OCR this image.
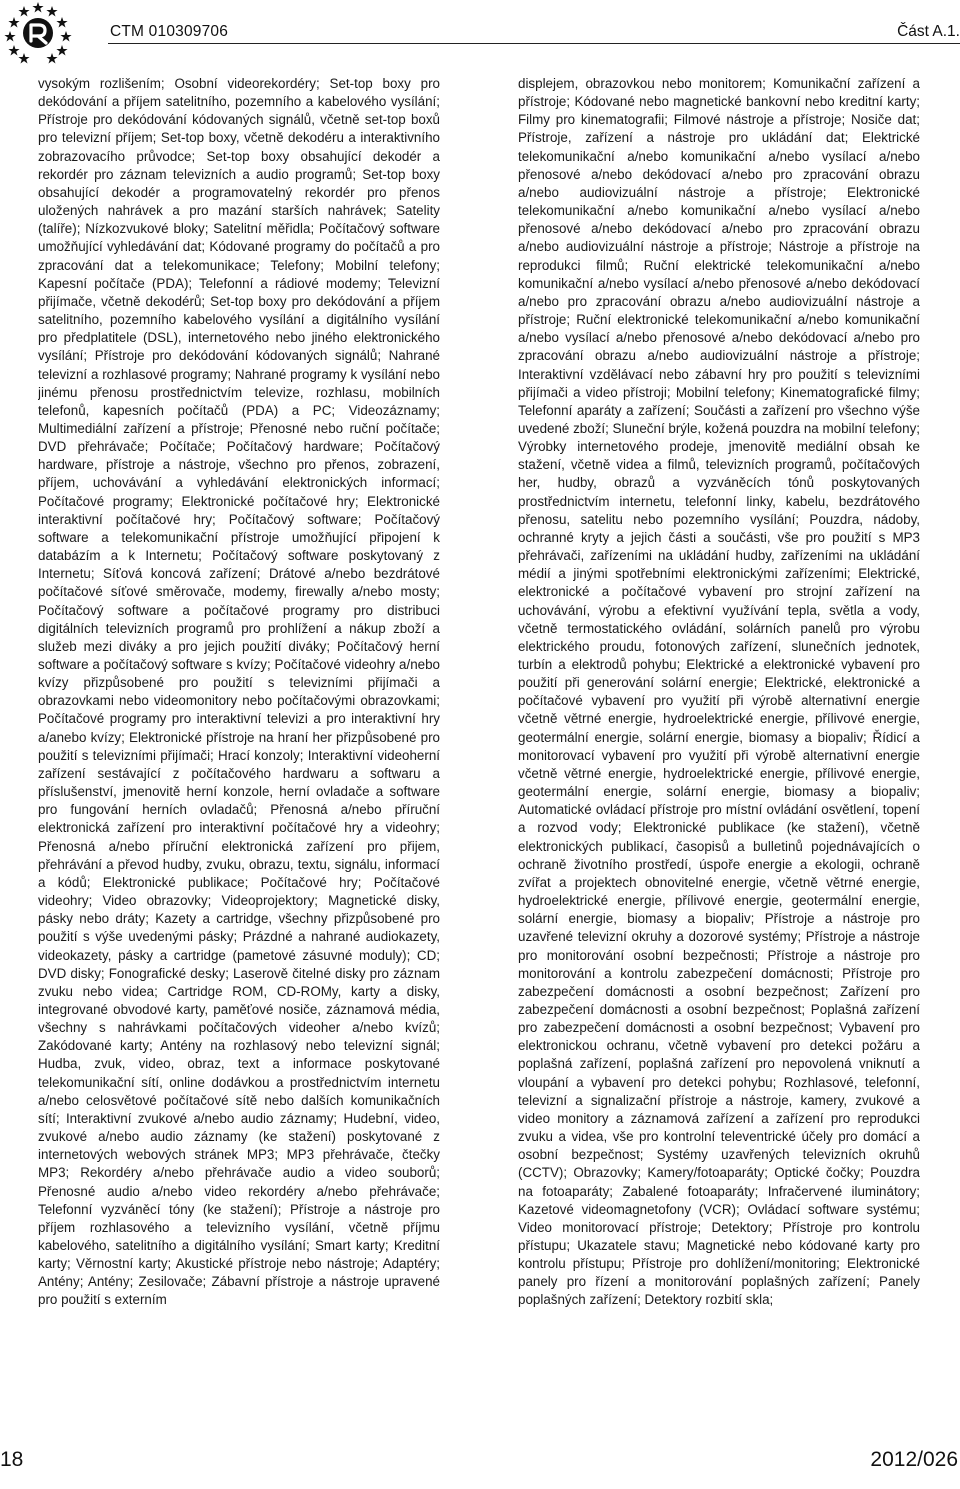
CTM 010309706	Část A.1.
vysokým rozlišením; Osobní videorekordéry; Set-top boxy pro dekódování a příjem satelitního, pozemního a kabelového vysílání; Přístroje pro dekódování kódovaných signálů, včetně set-top boxů pro televizní příjem; Set-top boxy, včetně dekodéru a interaktivního zobrazovacího průvodce; Set-top boxy obsahující dekodér a rekordér pro záznam televizních a audio programů; Set-top boxy obsahující dekodér a programovatelný rekordér pro přenos uložených nahrávek a pro mazání starších nahrávek; Satelity (talíře); Nízkozvukové bloky; Satelitní měřidla; Počítačový software umožňující vyhledávání dat; Kódované programy do počítačů a pro zpracování dat a telekomunikace; Telefony; Mobilní telefony; Kapesní počítače (PDA); Telefonní a rádiové modemy; Televizní přijímače, včetně dekodérů; Set-top boxy pro dekódování a příjem satelitního, pozemního kabelového vysílání a digitálního vysílání pro předplatitele (DSL), internetového nebo jiného elektronického vysílání; Přístroje pro dekódování kódovaných signálů; Nahrané televizní a rozhlasové programy; Nahrané programy k vysílání nebo jinému přenosu prostřednictvím televize, rozhlasu, mobilních telefonů, kapesních počítačů (PDA) a PC; Videozáznamy; Multimediální zařízení a přístroje; Přenosné nebo ruční počítače; DVD přehrávače; Počítače; Počítačový hardware; Počítačový hardware, přístroje a nástroje, všechno pro přenos, zobrazení, příjem, uchovávání a vyhledávání elektronických informací; Počítačové programy; Elektronické počítačové hry; Elektronické interaktivní počítačové hry; Počítačový software; Počítačový software a telekomunikační přístroje umožňující připojení k databázím a k Internetu; Počítačový software poskytovaný z Internetu; Síťová koncová zařízení; Drátové a/nebo bezdrátové počítačové síťové směrovače, modemy, firewally a/nebo mosty; Počítačový software a počítačové programy pro distribuci digitálních televizních programů pro prohlížení a nákup zboží a služeb mezi diváky a pro jejich použití diváky; Počítačový herní software a počítačový software s kvízy; Počítačové videohry a/nebo kvízy přizpůsobené pro použití s televizními přijímači a obrazovkami nebo videomonitory nebo počítačovými obrazovkami; Počítačové programy pro interaktivní televizi a pro interaktivní hry a/anebo kvízy; Elektronické přístroje na hraní her přizpůsobené pro použití s televizními přijímači; Hrací konzoly; Interaktivní videoherní zařízení sestávající z počítačového hardwaru a softwaru a příslušenství, jmenovitě herní konzole, herní ovladače a software pro fungování herních ovladačů; Přenosná a/nebo příruční elektronická zařízení pro interaktivní počítačové hry a videohry; Přenosná a/nebo příruční elektronická zařízení pro přijem, přehrávání a převod hudby, zvuku, obrazu, textu, signálu, informací a kódů; Elektronické publikace; Počítačové hry; Počítačové videohry; Video obrazovky; Videoprojektory; Magnetické disky, pásky nebo dráty; Kazety a cartridge, všechny přizpůsobené pro použití s výše uvedenými pásky; Prázdné a nahrané audiokazety, videokazety, pásky a cartridge (pametové zásuvné moduly); CD; DVD disky; Fonografické desky; Laserově čitelné disky pro záznam zvuku nebo videa; Cartridge ROM, CD-ROMy, karty a disky, integrované obvodové karty, paměťové nosiče, záznamová média, všechny s nahrávkami počítačových videoher a/nebo kvízů; Zakódované karty; Antény na rozhlasový nebo televizní signál; Hudba, zvuk, video, obraz, text a informace poskytované telekomunikační sítí, online dodávkou a prostřednictvím internetu a/nebo celosvětové počítačové sítě nebo dalších komunikačních sítí; Interaktivní zvukové a/nebo audio záznamy; Hudební, video, zvukové a/nebo audio záznamy (ke stažení) poskytované z internetových webových stránek MP3; MP3 přehrávače, čtečky MP3; Rekordéry a/nebo přehrávače audio a video souborů; Přenosné audio a/nebo video rekordéry a/nebo přehrávače; Telefonní vyzváněcí tóny (ke stažení); Přístroje a nástroje pro příjem rozhlasového a televizního vysílání, včetně příjmu kabelového, satelitního a digitálního vysílání; Smart karty; Kreditní karty; Věrnostní karty; Akustické přístroje nebo nástroje; Adaptéry; Antény; Antény; Zesilovače; Zábavní přístroje a nástroje upravené pro použití s externím
displejem, obrazovkou nebo monitorem; Komunikační zařízení a přístroje; Kódované nebo magnetické bankovní nebo kreditní karty; Filmy pro kinematografii; Filmové nástroje a přístroje; Nosiče dat; Přístroje, zařízení a nástroje pro ukládání dat; Elektrické telekomunikační a/nebo komunikační a/nebo vysílací a/nebo přenosové a/nebo dekódovací a/nebo pro zpracování obrazu a/nebo audiovizuální nástroje a přístroje; Elektronické telekomunikační a/nebo komunikační a/nebo vysílací a/nebo přenosové a/nebo dekódovací a/nebo pro zpracování obrazu a/nebo audiovizuální nástroje a přístroje; Nástroje a přístroje na reprodukci filmů; Ruční elektrické telekomunikační a/nebo komunikační a/nebo vysílací a/nebo přenosové a/nebo dekódovací a/nebo pro zpracování obrazu a/nebo audiovizuální nástroje a přístroje; Ruční elektronické telekomunikační a/nebo komunikační a/nebo vysílací a/nebo přenosové a/nebo dekódovací a/nebo pro zpracování obrazu a/nebo audiovizuální nástroje a přístroje; Interaktivní vzdělávací nebo zábavní hry pro použití s televizními přijímači a video přístroji; Mobilní telefony; Kinematografické filmy; Telefonní aparáty a zařízení; Součásti a zařízení pro všechno výše uvedené zboží; Sluneční brýle, kožená pouzdra na mobilní telefony; Výrobky internetového prodeje, jmenovitě mediální obsah ke stažení, včetně videa a filmů, televizních programů, počítačových her, hudby, obrazů a vyzváněcích tónů poskytovaných prostřednictvím internetu, telefonní linky, kabelu, bezdrátového přenosu, satelitu nebo pozemního vysílání; Pouzdra, nádoby, ochranné kryty a jejich části a součásti, vše pro použití s MP3 přehrávači, zařízeními na ukládání hudby, zařízeními na ukládání médií a jinými spotřebními elektronickými zařízeními; Elektrické, elektronické a počítačové vybavení pro strojní zařízení na uchovávání, výrobu a efektivní využívání tepla, světla a vody, včetně termostatického ovládání, solárních panelů pro výrobu elektrického proudu, fotonových zařízení, slunečních jednotek, turbín a elektrodů pohybu; Elektrické a elektronické vybavení pro použití při generování solární energie; Elektrické, elektronické a počítačové vybavení pro využití při výrobě alternativní energie včetně větrné energie, hydroelektrické energie, přílivové energie, geotermální energie, solární energie, biomasy a biopaliv; Řídicí a monitorovací vybavení pro využití při výrobě alternativní energie včetně větrné energie, hydroelektrické energie, přílivové energie, geotermální energie, solární energie, biomasy a biopaliv; Automatické ovládací přístroje pro místní ovládání osvětlení, topení a rozvod vody; Elektronické publikace (ke stažení), včetně elektronických publikací, časopisů a bulletinů pojednávajících o ochraně životního prostředí, úspoře energie a ekologii, ochraně zvířat a projektech obnovitelné energie, včetně větrné energie, hydroelektrické energie, přílivové energie, geotermální energie, solární energie, biomasy a biopaliv; Přístroje a nástroje pro uzavřené televizní okruhy a dozorové systémy; Přístroje a nástroje pro monitorování osobní bezpečnosti; Přístroje a nástroje pro monitorování a kontrolu zabezpečení domácnosti; Přístroje pro zabezpečení domácnosti a osobní bezpečnost; Zařízení pro zabezpečení domácnosti a osobní bezpečnost; Poplašná zařízení pro zabezpečení domácnosti a osobní bezpečnost; Vybavení pro elektronickou ochranu, včetně vybavení pro detekci požáru a poplašná zařízení, poplašná zařízení pro nepovolená vniknutí a vloupání a vybavení pro detekci pohybu; Rozhlasové, telefonní, televizní a signalizační přístroje a nástroje, kamery, zvukové a video monitory a záznamová zařízení a zařízení pro reprodukci zvuku a videa, vše pro kontrolní televentrické účely pro domácí a osobní bezpečnost; Systémy uzavřených televizních okruhů (CCTV); Obrazovky; Kamery/fotoaparáty; Optické čočky; Pouzdra na fotoaparáty; Zabalené fotoaparáty; Infračervené iluminátory; Kazetové videomagnetofony (VCR); Ovládací software systému; Video monitorovací přístroje; Detektory; Přístroje pro kontrolu přístupu; Ukazatele stavu; Magnetické nebo kódované karty pro kontrolu přístupu; Přístroje pro dohlížení/monitoring; Elektronické panely pro řízení a monitorování poplašných zařízení; Panely poplašných zařízení; Detektory rozbití skla;
18	2012/026
